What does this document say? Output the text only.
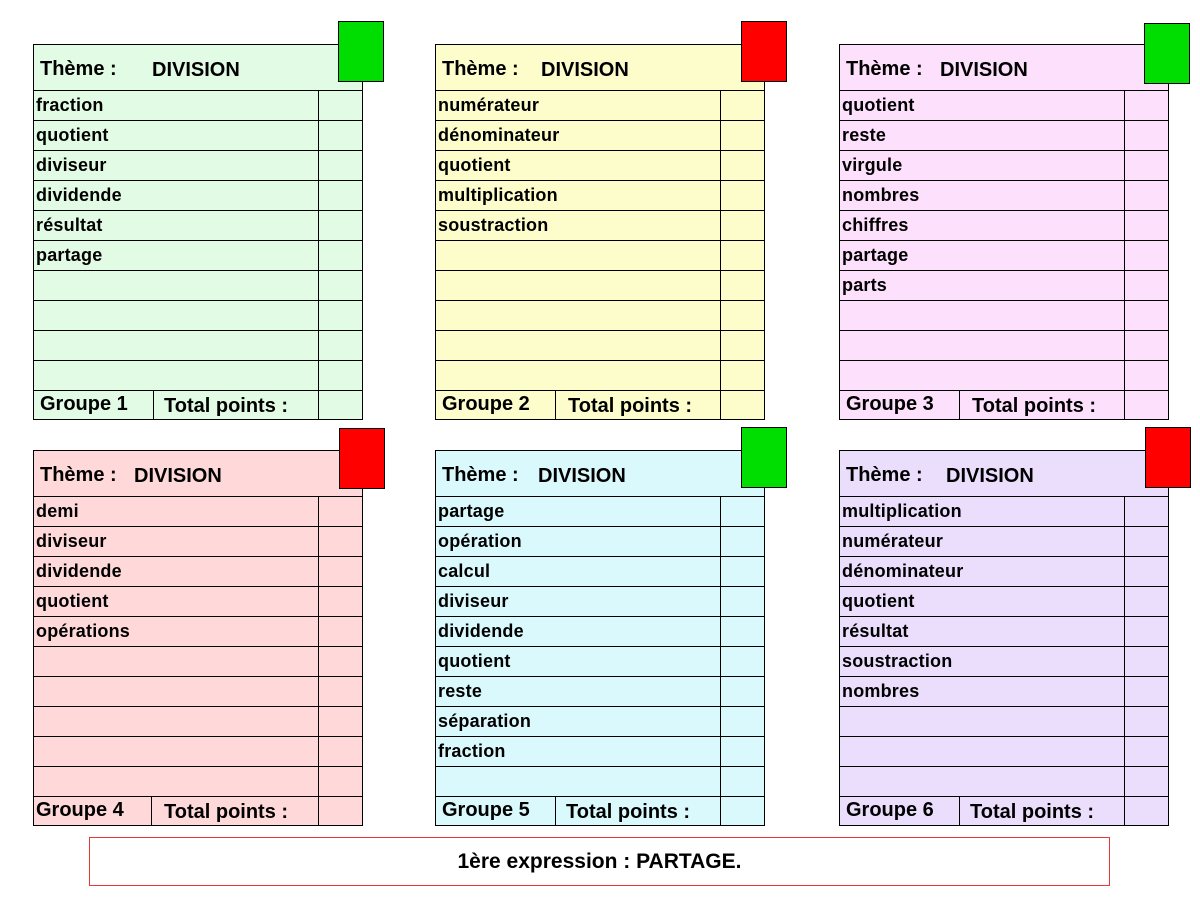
Thème : DIVISION
fraction
quotient
diviseur
dividende
résultat
partage
Groupe 1 Total points :
Thème : DIVISION
numérateur
dénominateur
quotient
multiplication
soustraction
Groupe 2 Total points :
Thème : DIVISION
quotient
reste
virgule
nombres
chiffres
partage
parts
Groupe 3 Total points :
Thème : DIVISION
demi
diviseur
dividende
quotient
opérations
Groupe 4 Total points :
Thème : DIVISION
partage
opération
calcul
diviseur
dividende
quotient
reste
séparation
fraction
Groupe 5 Total points :
Thème : DIVISION
multiplication
numérateur
dénominateur
quotient
résultat
soustraction
nombres
Groupe 6 Total points :
1ère expression : PARTAGE.
